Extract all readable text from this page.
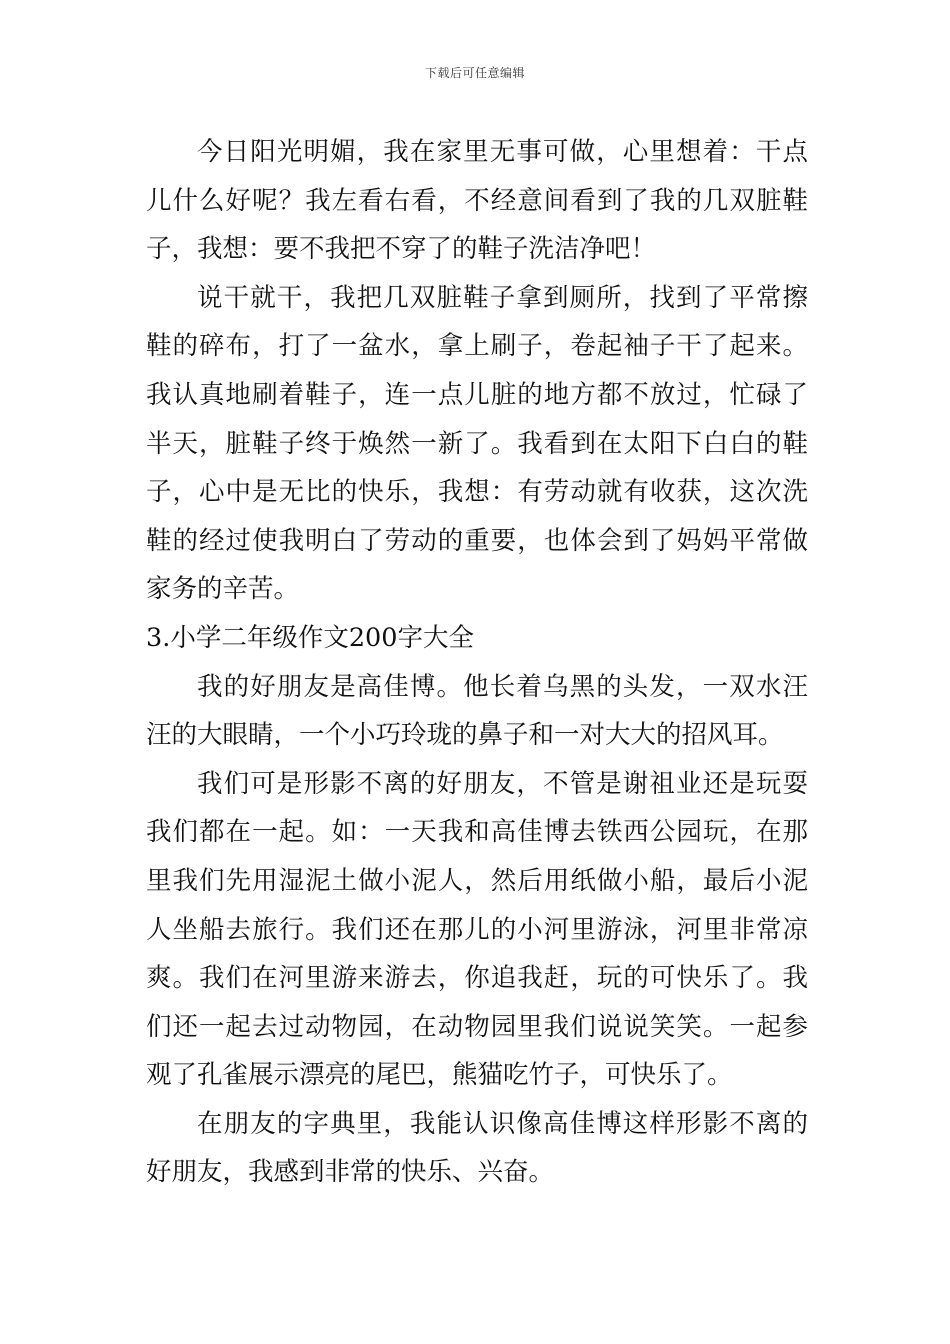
下载后可任意编辑

今日阳光明媚，我在家里无事可做，心里想着：干点儿什么好呢？我左看右看，不经意间看到了我的几双脏鞋子，我想：要不我把不穿了的鞋子洗洁净吧！

说干就干，我把几双脏鞋子拿到厕所，找到了平常擦鞋的碎布，打了一盆水，拿上刷子，卷起袖子干了起来。我认真地刷着鞋子，连一点儿脏的地方都不放过，忙碌了半天，脏鞋子终于焕然一新了。我看到在太阳下白白的鞋子，心中是无比的快乐，我想：有劳动就有收获，这次洗鞋的经过使我明白了劳动的重要，也体会到了妈妈平常做家务的辛苦。

3.小学二年级作文200字大全

我的好朋友是高佳博。他长着乌黑的头发，一双水汪汪的大眼睛，一个小巧玲珑的鼻子和一对大大的招风耳。

我们可是形影不离的好朋友，不管是谢祖业还是玩耍我们都在一起。如：一天我和高佳博去铁西公园玩，在那里我们先用湿泥土做小泥人，然后用纸做小船，最后小泥人坐船去旅行。我们还在那儿的小河里游泳，河里非常凉爽。我们在河里游来游去，你追我赶，玩的可快乐了。我们还一起去过动物园，在动物园里我们说说笑笑。一起参观了孔雀展示漂亮的尾巴，熊猫吃竹子，可快乐了。

在朋友的字典里，我能认识像高佳博这样形影不离的好朋友，我感到非常的快乐、兴奋。
